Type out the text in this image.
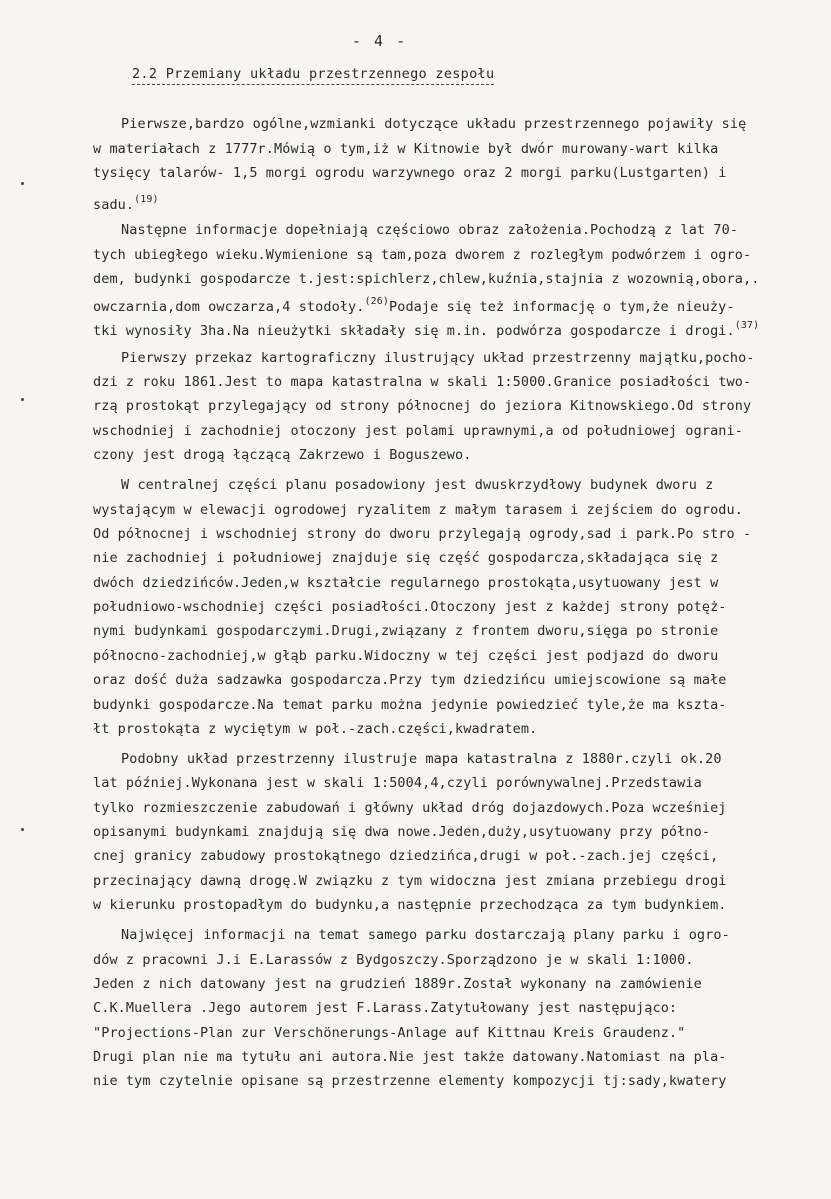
- 4 -
2.2 Przemiany układu przestrzennego zespołu
Pierwsze,bardzo ogólne,wzmianki dotyczące układu przestrzennego pojawiły się
w materiałach z 1777r.Mówią o tym,iż w Kitnowie był dwór murowany-wart kilka
tysięcy talarów- 1,5 morgi ogrodu warzywnego oraz 2 morgi parku(Lustgarten) i
sadu.$^{(19)}$
Następne informacje dopełniają częściowo obraz założenia.Pochodzą z lat 70-
tych ubiegłego wieku.Wymienione są tam,poza dworem z rozległym podwórzem i ogro-
dem, budynki gospodarcze t.jest:spichlerz,chlew,kuźnia,stajnia z wozownią,obora,.
owczarnia,dom owczarza,4 stodoły.$^{(26)}$Podaje się też informację o tym,że nieuży-
tki wynosiły 3ha.Na nieużytki składały się m.in. podwórza gospodarcze i drogi.$^{(37)}$
Pierwszy przekaz kartograficzny ilustrujący układ przestrzenny majątku,pocho-
dzi z roku 1861.Jest to mapa katastralna w skali 1:5000.Granice posiadłości two-
rzą prostokąt przylegający od strony północnej do jeziora Kitnowskiego.Od strony
wschodniej i zachodniej otoczony jest polami uprawnymi,a od południowej ograni-
czony jest drogą łączącą Zakrzewo i Boguszewo.
W centralnej części planu posadowiony jest dwuskrzydłowy budynek dworu z
wystającym w elewacji ogrodowej ryzalitem z małym tarasem i zejściem do ogrodu.
Od północnej i wschodniej strony do dworu przylegają ogrody,sad i park.Po stro -
nie zachodniej i południowej znajduje się część gospodarcza,składająca się z
dwóch dziedzińców.Jeden,w kształcie regularnego prostokąta,usytuowany jest w
południowo-wschodniej części posiadłości.Otoczony jest z każdej strony potęż-
nymi budynkami gospodarczymi.Drugi,związany z frontem dworu,sięga po stronie
północno-zachodniej,w głąb parku.Widoczny w tej części jest podjazd do dworu
oraz dość duża sadzawka gospodarcza.Przy tym dziedzińcu umiejscowione są małe
budynki gospodarcze.Na temat parku można jedynie powiedzieć tyle,że ma kszta-
łt prostokąta z wyciętym w poł.-zach.części,kwadratem.
Podobny układ przestrzenny ilustruje mapa katastralna z 1880r.czyli ok.20
lat później.Wykonana jest w skali 1:5004,4,czyli porównywalnej.Przedstawia
tylko rozmieszczenie zabudowań i główny układ dróg dojazdowych.Poza wcześniej
opisanymi budynkami znajdują się dwa nowe.Jeden,duży,usytuowany przy półno-
cnej granicy zabudowy prostokątnego dziedzińca,drugi w poł.-zach.jej części,
przecinający dawną drogę.W związku z tym widoczna jest zmiana przebiegu drogi
w kierunku prostopadłym do budynku,a następnie przechodząca za tym budynkiem.
Najwięcej informacji na temat samego parku dostarczają plany parku i ogro-
dów z pracowni J.i E.Larassów z Bydgoszczy.Sporządzono je w skali 1:1000.
Jeden z nich datowany jest na grudzień 1889r.Został wykonany na zamówienie
C.K.Muellera .Jego autorem jest F.Larass.Zatytułowany jest następująco:
"Projections-Plan zur Verschönerungs-Anlage auf Kittnau Kreis Graudenz."
Drugi plan nie ma tytułu ani autora.Nie jest także datowany.Natomiast na pla-
nie tym czytelnie opisane są przestrzenne elementy kompozycji tj:sady,kwatery
